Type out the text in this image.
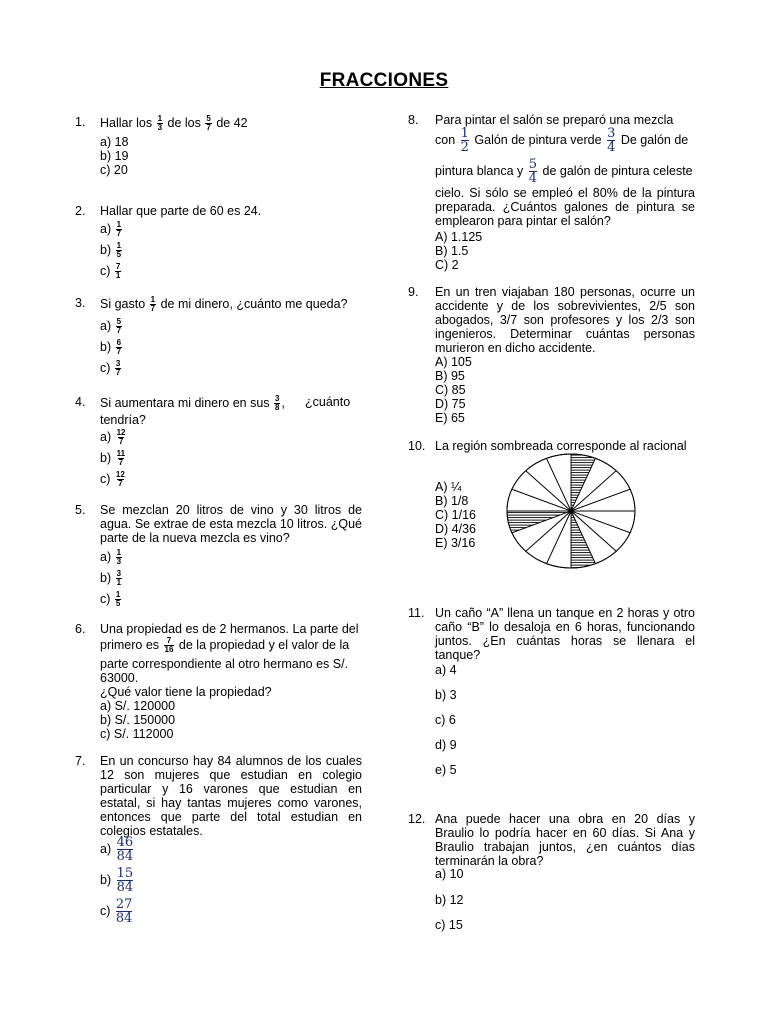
FRACCIONES
1. Hallar los $\frac{1}{3}$ de los $\frac{5}{7}$ de 42
a) 18
b) 19
c) 20
2. Hallar que parte de 60 es 24.
$a) \frac{1}{7}$
$b) \frac{1}{5}$
$c) \frac{7}{1}$
3. Si gasto $\frac{1}{7}$ de mi dinero, ¿cuánto me queda?
$a) \frac{5}{7}$
$b) \frac{6}{7}$
$c) \frac{3}{7}$
4. Si aumentara mi dinero en sus $\frac{3}{8}$ , ¿cuánto
tendría?
$a) \frac{12}{7}$
$b) \frac{11}{7}$
$c) \frac{12}{7}$
5. Se mezclan 20 litros de vino y 30 litros de agua. Se extrae de esta mezcla 10 litros. ¿Qué parte de la nueva mezcla es vino?
$a) \frac{1}{3}$
$b) \frac{3}{1}$
$c) \frac{1}{5}$
6. Una propiedad es de 2 hermanos. La parte del
primero es $\frac{7}{16}$ de la propiedad y el valor de la
parte correspondiente al otro hermano es S/.
63000.
¿Qué valor tiene la propiedad?
a) S/. 120000
b) S/. 150000
c) S/. 112000
7. En un concurso hay 84 alumnos de los cuales 12 son mujeres que estudian en colegio particular y 16 varones que estudian en estatal, si hay tantas mujeres como varones, entonces que parte del total estudian en colegios estatales.
$a) \frac{46}{84}$
$b) \frac{15}{84}$
$c) \frac{27}{84}$
8. Para pintar el salón se preparó una mezcla
con $\frac{1}{2}$ Galón de pintura verde $\frac{3}{4}$ De galón de
pintura blanca y $\frac{5}{4}$ de galón de pintura celeste
cielo. Si sólo se empleó el 80% de la pintura preparada. ¿Cuántos galones de pintura se emplearon para pintar el salón?
A) 1.125
B) 1.5
C) 2
9. En un tren viajaban 180 personas, ocurre un accidente y de los sobrevivientes, 2/5 son abogados, 3/7 son profesores y los 2/3 son ingenieros. Determinar cuántas personas murieron en dicho accidente.
A) 105
B) 95
C) 85
D) 75
E) 65
10. La región sombreada corresponde al racional
A) ¼
B) 1/8
C) 1/16
D) 4/36
E) 3/16
11. Un caño “A” llena un tanque en 2 horas y otro caño “B” lo desaloja en 6 horas, funcionando juntos. ¿En cuántas horas se llenara el tanque?
a) 4
b) 3
c) 6
d) 9
e) 5
12. Ana puede hacer una obra en 20 días y Braulio lo podría hacer en 60 días. Si Ana y Braulio trabajan juntos, ¿en cuántos días terminarán la obra?
a) 10
b) 12
c) 15
